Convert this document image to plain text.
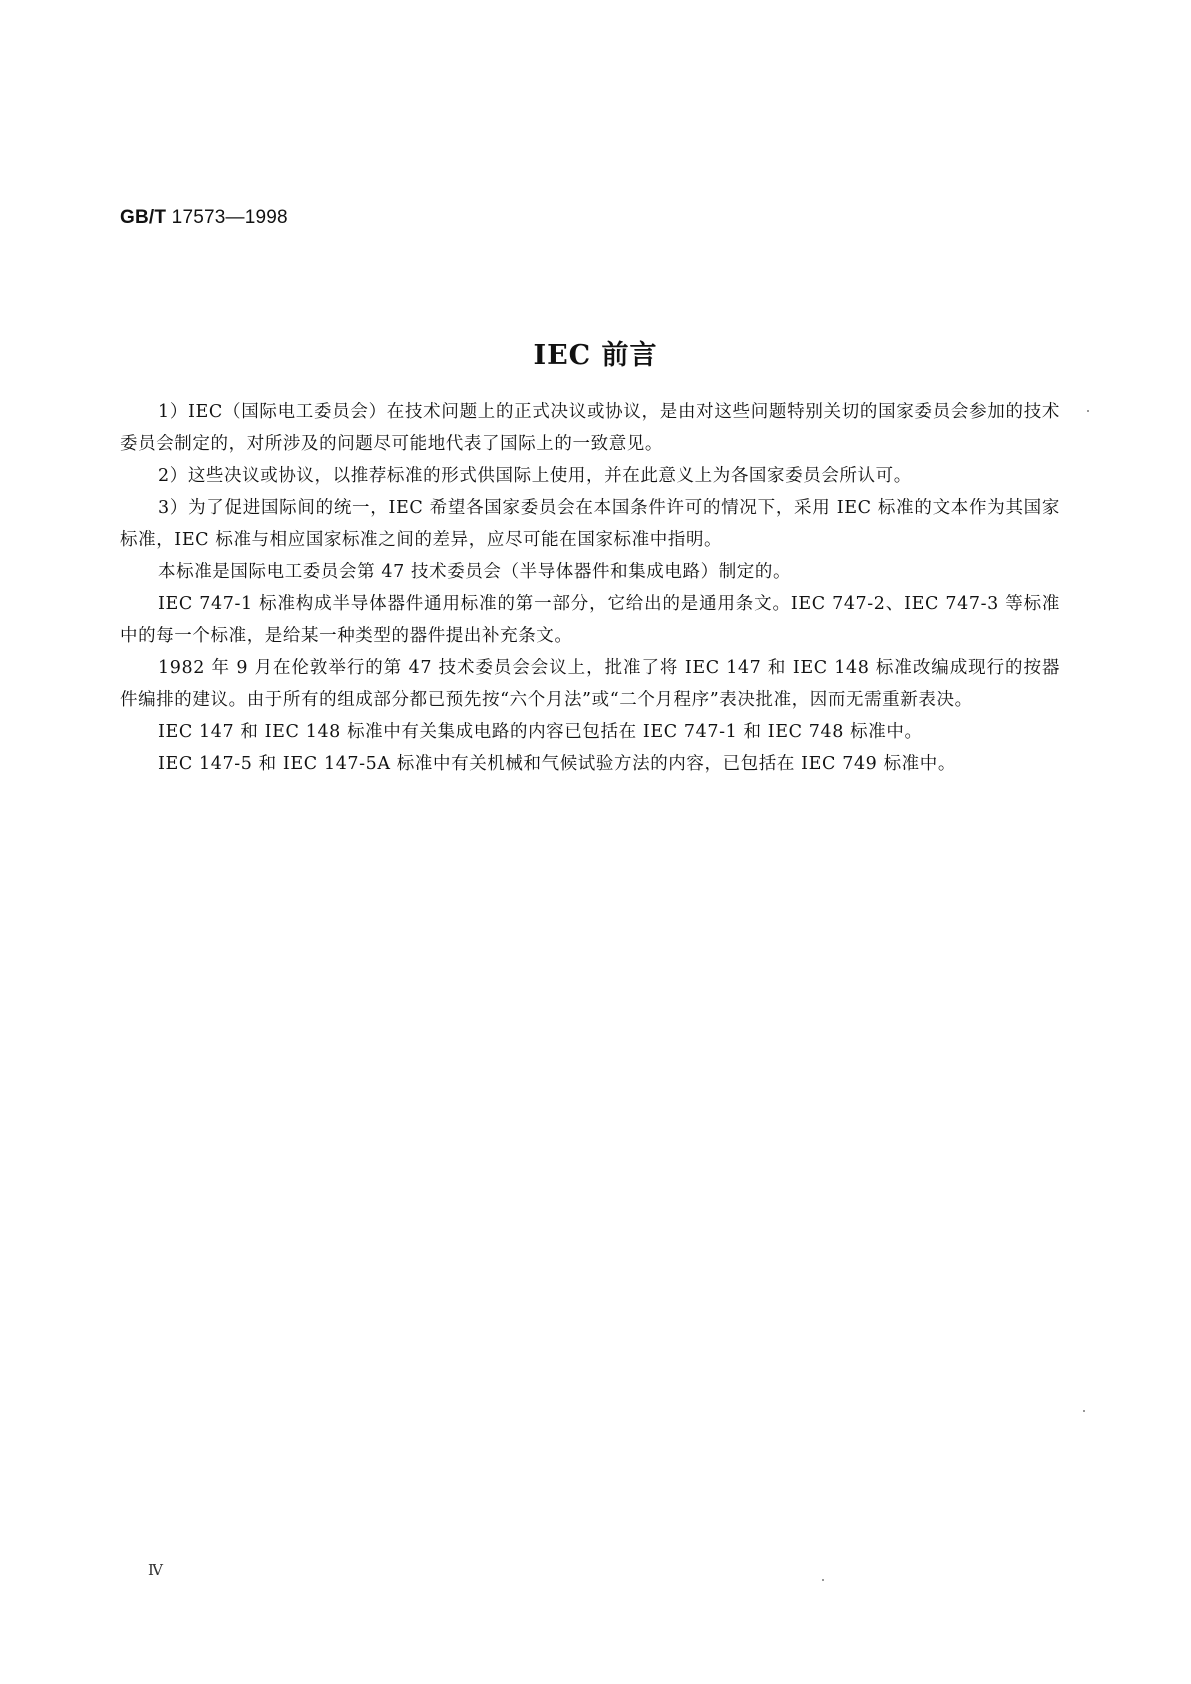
GB/T 17573—1998
IEC 前言

1）IEC（国际电工委员会）在技术问题上的正式决议或协议，是由对这些问题特别关切的国家委员会参加的技术委员会制定的，对所涉及的问题尽可能地代表了国际上的一致意见。

2）这些决议或协议，以推荐标准的形式供国际上使用，并在此意义上为各国家委员会所认可。

3）为了促进国际间的统一，IEC 希望各国家委员会在本国条件许可的情况下，采用 IEC 标准的文本作为其国家标准，IEC 标准与相应国家标准之间的差异，应尽可能在国家标准中指明。

本标准是国际电工委员会第 47 技术委员会（半导体器件和集成电路）制定的。

IEC 747-1 标准构成半导体器件通用标准的第一部分，它给出的是通用条文。IEC 747-2、IEC 747-3 等标准中的每一个标准，是给某一种类型的器件提出补充条文。

1982 年 9 月在伦敦举行的第 47 技术委员会会议上，批准了将 IEC 147 和 IEC 148 标准改编成现行的按器件编排的建议。由于所有的组成部分都已预先按“六个月法”或“二个月程序”表决批准，因而无需重新表决。

IEC 147 和 IEC 148 标准中有关集成电路的内容已包括在 IEC 747-1 和 IEC 748 标准中。

IEC 147-5 和 IEC 147-5A 标准中有关机械和气候试验方法的内容，已包括在 IEC 749 标准中。

Ⅳ
